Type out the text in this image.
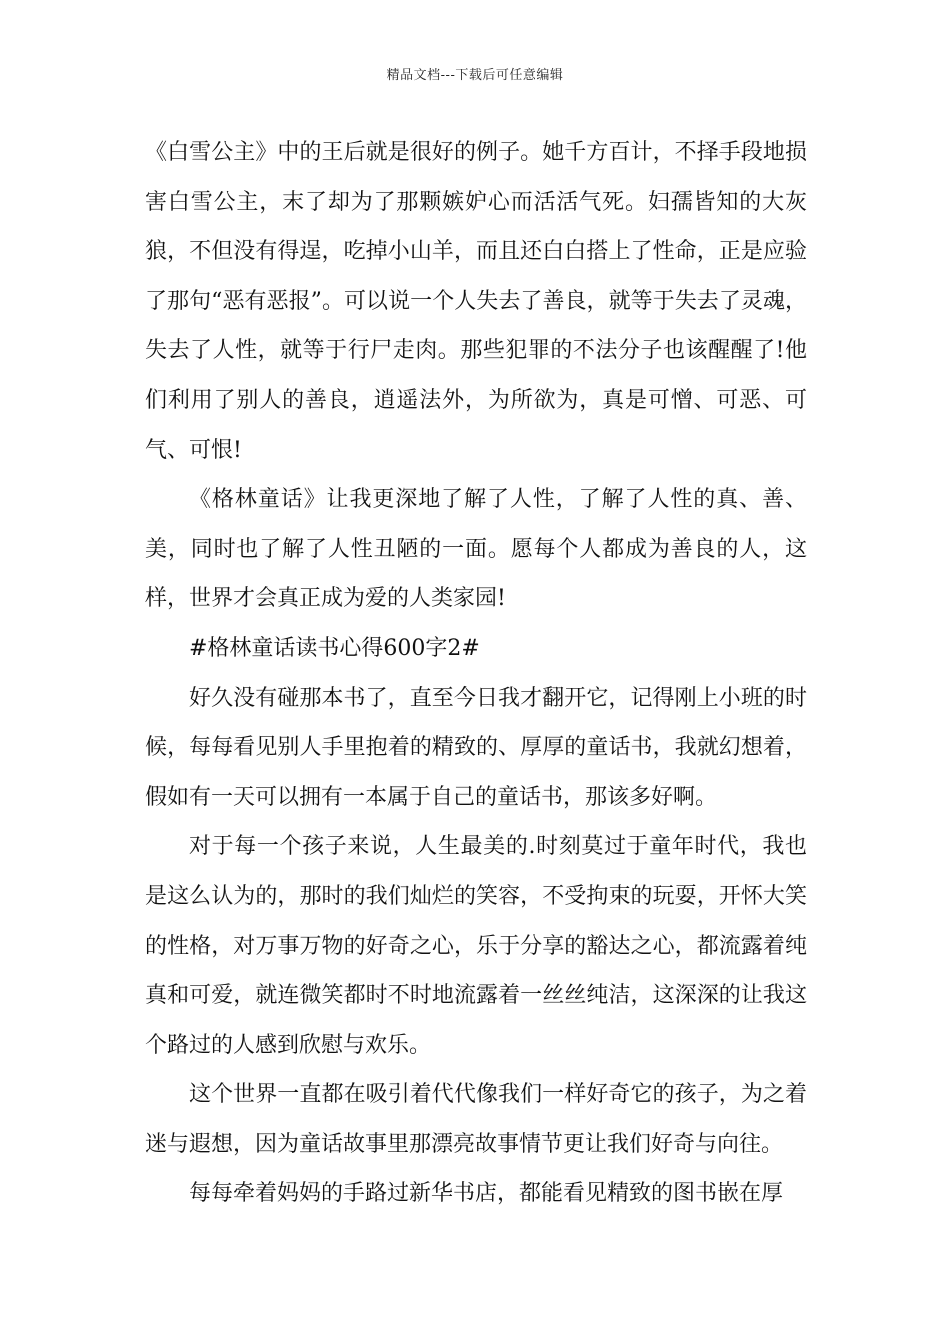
精品文档---下载后可任意编辑

《白雪公主》中的王后就是很好的例子。她千方百计，不择手段地损害白雪公主，末了却为了那颗嫉妒心而活活气死。妇孺皆知的大灰狼，不但没有得逞，吃掉小山羊，而且还白白搭上了性命，正是应验了那句“恶有恶报”。可以说一个人失去了善良，就等于失去了灵魂，失去了人性，就等于行尸走肉。那些犯罪的不法分子也该醒醒了!他们利用了别人的善良，逍遥法外，为所欲为，真是可憎、可恶、可气、可恨!

《格林童话》让我更深地了解了人性，了解了人性的真、善、美，同时也了解了人性丑陋的一面。愿每个人都成为善良的人，这样，世界才会真正成为爱的人类家园!

#格林童话读书心得600字2#

好久没有碰那本书了，直至今日我才翻开它，记得刚上小班的时候，每每看见别人手里抱着的精致的、厚厚的童话书，我就幻想着，假如有一天可以拥有一本属于自己的童话书，那该多好啊。

对于每一个孩子来说，人生最美的.时刻莫过于童年时代，我也是这么认为的，那时的我们灿烂的笑容，不受拘束的玩耍，开怀大笑的性格，对万事万物的好奇之心，乐于分享的豁达之心，都流露着纯真和可爱，就连微笑都时不时地流露着一丝丝纯洁，这深深的让我这个路过的人感到欣慰与欢乐。

这个世界一直都在吸引着代代像我们一样好奇它的孩子，为之着迷与遐想，因为童话故事里那漂亮故事情节更让我们好奇与向往。

每每牵着妈妈的手路过新华书店，都能看见精致的图书嵌在厚
